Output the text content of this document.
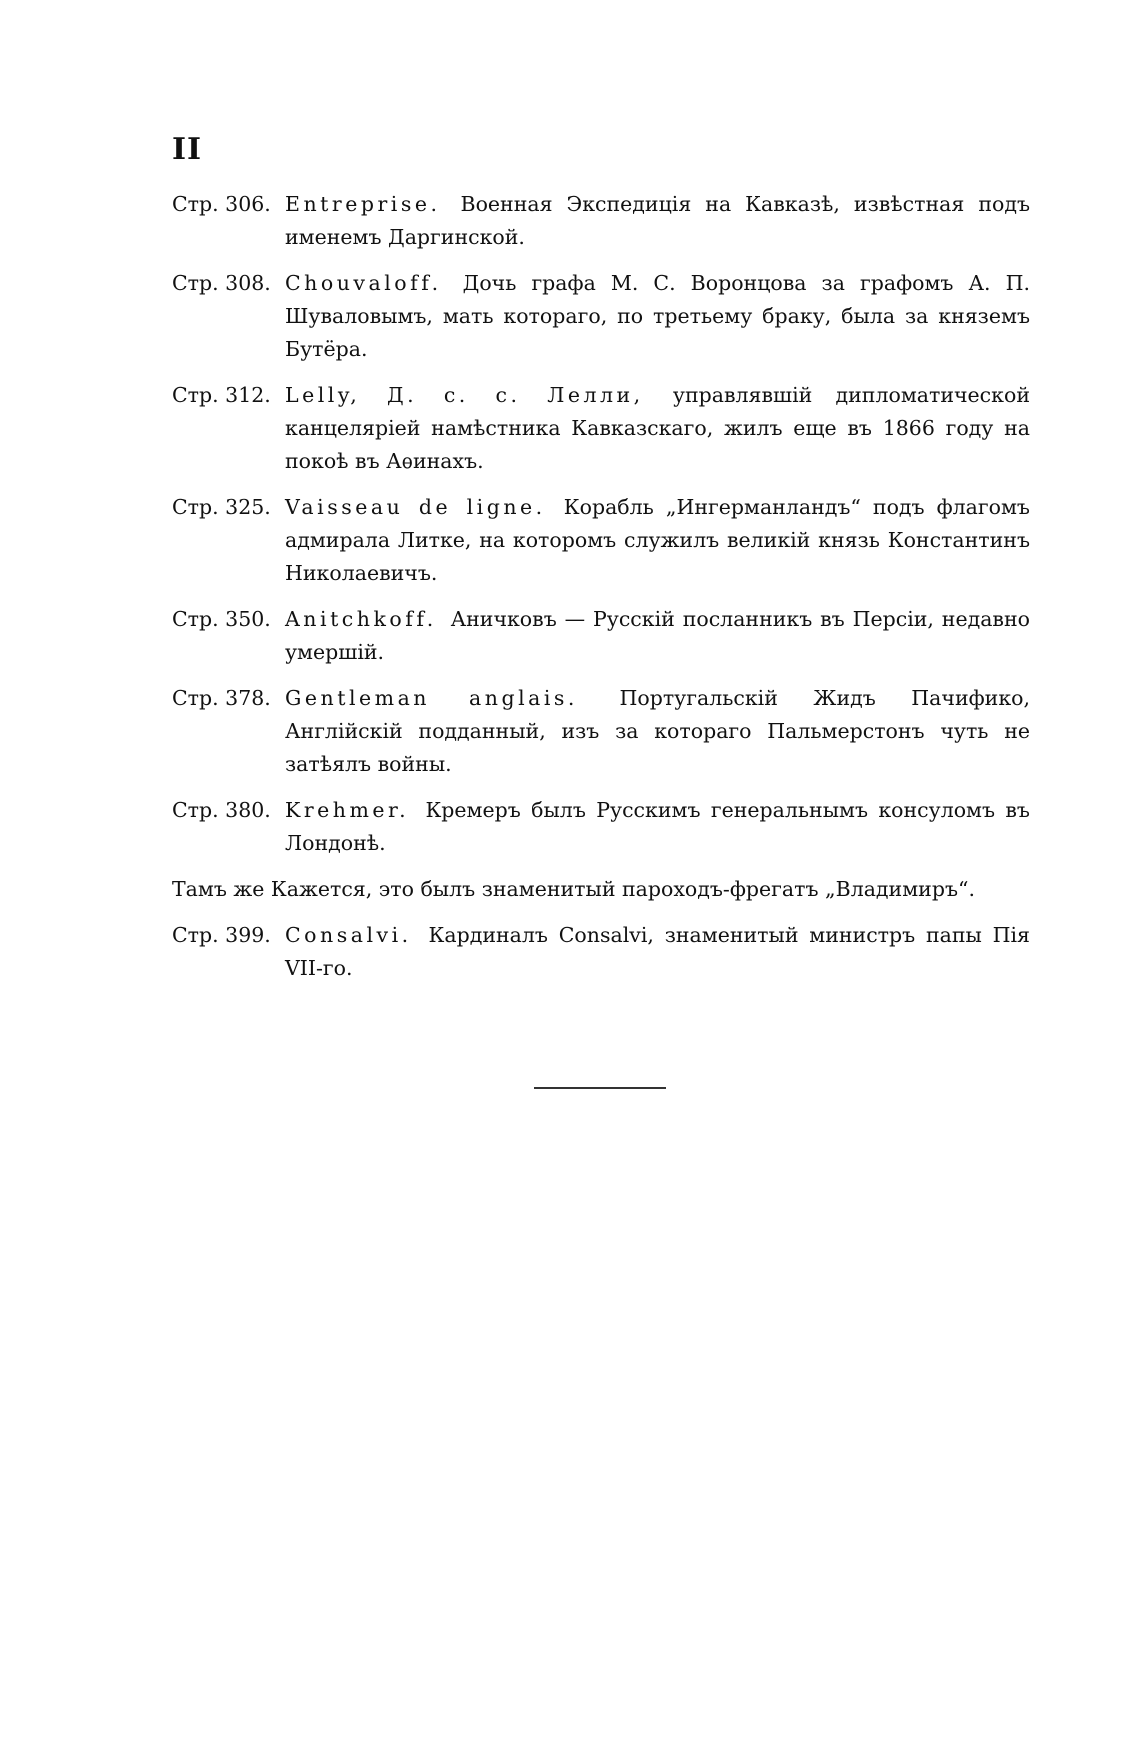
II
Стр. 306. Entreprise. Военная Экспедиція на Кавказѣ, извѣстная подъ именемъ Даргинской.
Стр. 308. Chouvaloff. Дочь графа М. С. Воронцова за графомъ А. П. Шуваловымъ, мать котораго, по третьему браку, была за княземъ Бутёра.
Стр. 312. Lelly, Д. с. с. Лелли, управлявшій дипломатической канцеляріей намѣстника Кавказскаго, жилъ еще въ 1866 году на покоѣ въ Аѳинахъ.
Стр. 325. Vaisseau de ligne. Корабль „Ингерманландъ“ подъ флагомъ адмирала Литке, на которомъ служилъ великій князь Константинъ Николаевичъ.
Стр. 350. Anitchkoff. Аничковъ — Русскій посланникъ въ Персіи, недавно умершій.
Стр. 378. Gentleman anglais. Португальскій Жидъ Пачифико, Англійскій подданный, изъ за котораго Пальмерстонъ чуть не затѣялъ войны.
Стр. 380. Krehmer. Кремеръ былъ Русскимъ генеральнымъ консуломъ въ Лондонѣ.
Тамъ же Кажется, это былъ знаменитый пароходъ-фрегатъ „Владимиръ“.
Стр. 399. Consalvi. Кардиналъ Consalvi, знаменитый министръ папы Пія VII-го.
